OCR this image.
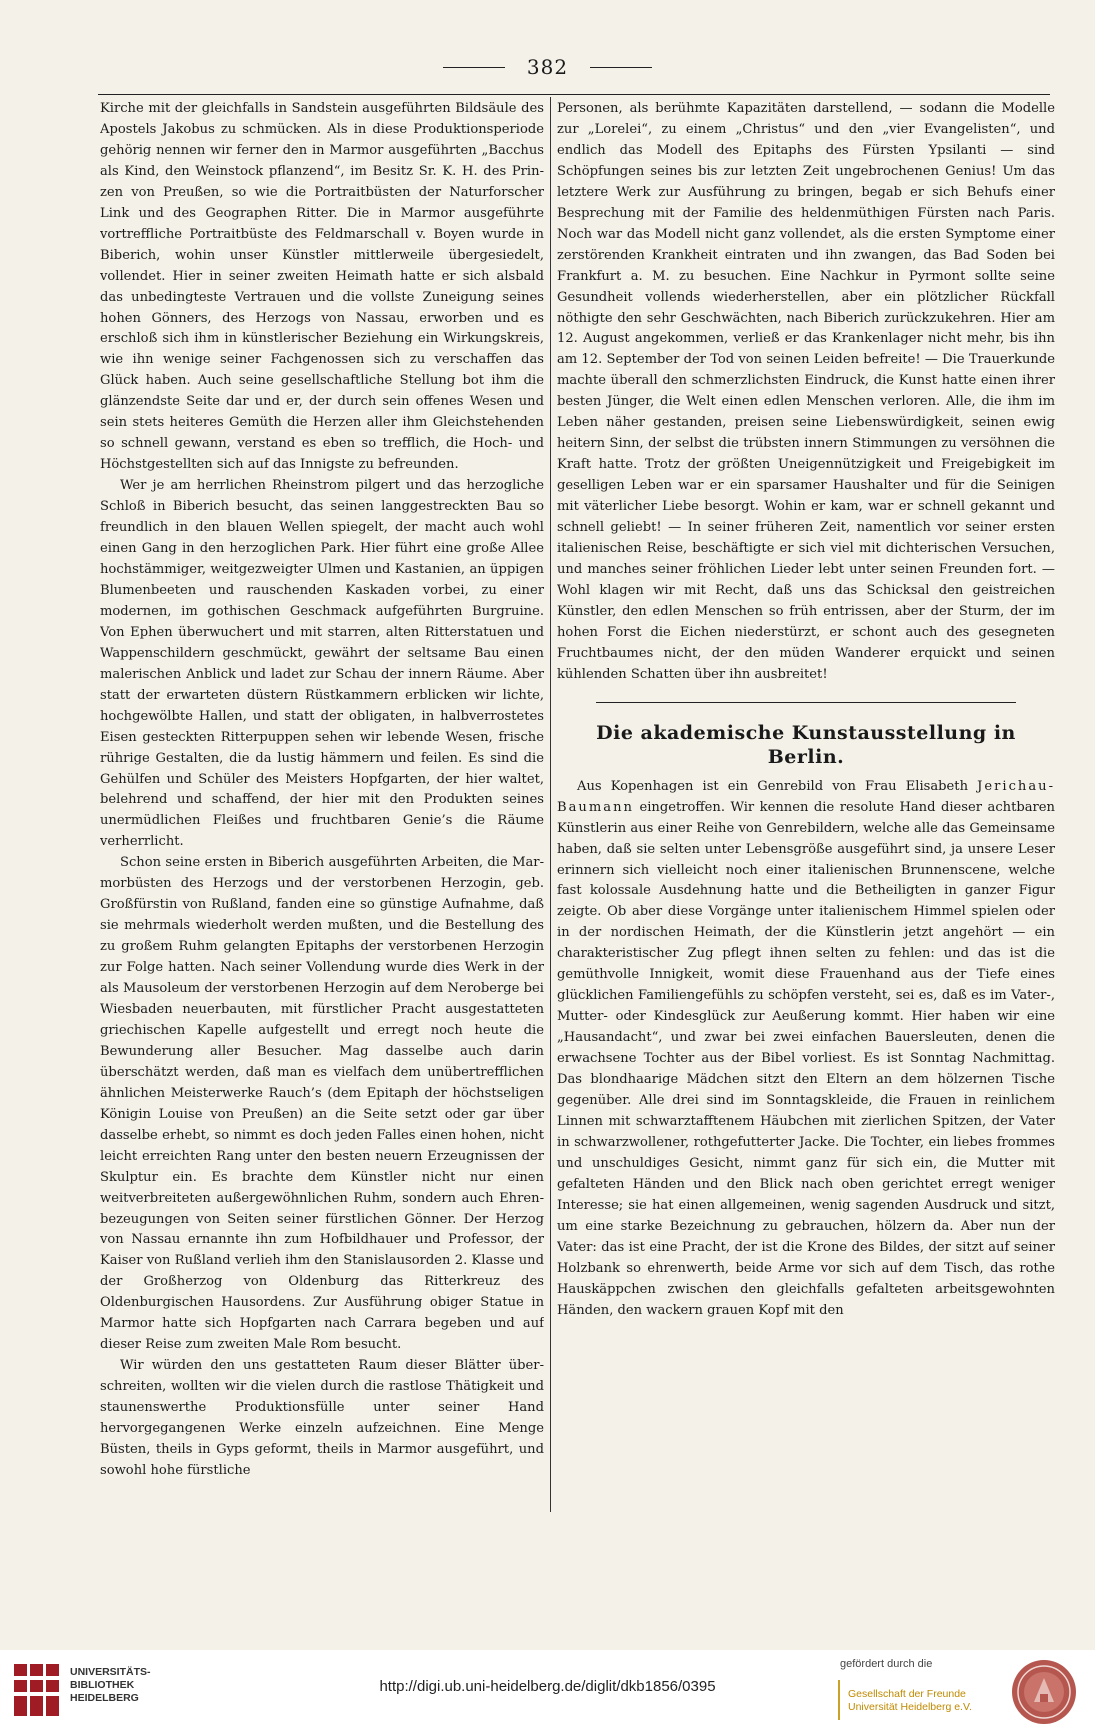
382

Kirche mit der gleichfalls in Sandstein ausgeführten Bildsäule des Apostels Jakobus zu schmücken. Als in diese Produktionsperiode gehörig nennen wir ferner den in Marmor ausgeführten „Bacchus als Kind, den Weinstock pflanzend“, im Besitz Sr. K. H. des Prinzen von Preußen, so wie die Portraitbüsten der Naturforscher Link und des Geographen Ritter. Die in Marmor ausgeführte vortreffliche Portraitbüste des Feldmarschall v. Boyen wurde in Biberich, wohin unser Künstler mittlerweile übergesiedelt, vollendet. Hier in seiner zweiten Heimath hatte er sich alsbald das unbedingteste Vertrauen und die vollste Zuneigung seines hohen Gönners, des Herzogs von Nassau, erworben und es erschloß sich ihm in künstlerischer Beziehung ein Wirkungskreis, wie ihn wenige seiner Fachgenossen sich zu verschaffen das Glück haben. Auch seine gesellschaftliche Stellung bot ihm die glänzendste Seite dar und er, der durch sein offenes Wesen und sein stets heiteres Gemüth die Herzen aller ihm Gleichstehenden so schnell gewann, verstand es eben so trefflich, die Hoch- und Höchstgestellten sich auf das Innigste zu befreunden.

Wer je am herrlichen Rheinstrom pilgert und das herzogliche Schloß in Biberich besucht, das seinen langgestreckten Bau so freundlich in den blauen Wellen spiegelt, der macht auch wohl einen Gang in den herzoglichen Park. Hier führt eine große Allee hochstämmiger, weitgezweigter Ulmen und Kastanien, an üppigen Blumenbeeten und rauschenden Kaskaden vorbei, zu einer modernen, im gothischen Geschmack aufgeführten Burgruine. Von Ephen überwuchert und mit starren, alten Ritterstatuen und Wappenschildern geschmückt, gewährt der seltsame Bau einen malerischen Anblick und ladet zur Schau der innern Räume. Aber statt der erwarteten düstern Rüstkammern erblicken wir lichte, hochgewölbte Hallen, und statt der obligaten, in halbverrostetes Eisen gesteckten Ritterpuppen sehen wir lebende Wesen, frische rührige Gestalten, die da lustig hämmern und feilen. Es sind die Gehülfen und Schüler des Meisters Hopfgarten, der hier waltet, belehrend und schaffend, der hier mit den Produkten seines unermüdlichen Fleißes und fruchtbaren Genie’s die Räume verherrlicht.

Schon seine ersten in Biberich ausgeführten Arbeiten, die Marmorbüsten des Herzogs und der verstorbenen Herzogin, geb. Großfürstin von Rußland, fanden eine so günstige Aufnahme, daß sie mehrmals wiederholt werden mußten, und die Bestellung des zu großem Ruhm gelangten Epitaphs der verstorbenen Herzogin zur Folge hatten. Nach seiner Vollendung wurde dies Werk in der als Mausoleum der verstorbenen Herzogin auf dem Neroberge bei Wiesbaden neuerbauten, mit fürstlicher Pracht ausgestatteten griechischen Kapelle aufgestellt und erregt noch heute die Bewunderung aller Besucher. Mag dasselbe auch darin überschätzt werden, daß man es vielfach dem unübertrefflichen ähnlichen Meisterwerke Rauch’s (dem Epitaph der höchstseligen Königin Louise von Preußen) an die Seite setzt oder gar über dasselbe erhebt, so nimmt es doch jeden Falles einen hohen, nicht leicht erreichten Rang unter den besten neuern Erzeugnissen der Skulptur ein. Es brachte dem Künstler nicht nur einen weitverbreiteten außergewöhnlichen Ruhm, sondern auch Ehrenbezeugungen von Seiten seiner fürstlichen Gönner. Der Herzog von Nassau ernannte ihn zum Hofbildhauer und Professor, der Kaiser von Rußland verlieh ihm den Stanislausorden 2. Klasse und der Großherzog von Oldenburg das Ritterkreuz des Oldenburgischen Hausordens. Zur Ausführung obiger Statue in Marmor hatte sich Hopfgarten nach Carrara begeben und auf dieser Reise zum zweiten Male Rom besucht.

Wir würden den uns gestatteten Raum dieser Blätter überschreiten, wollten wir die vielen durch die rastlose Thätigkeit und staunenswerthe Produktionsfülle unter seiner Hand hervorgegangenen Werke einzeln aufzeichnen. Eine Menge Büsten, theils in Gyps geformt, theils in Marmor ausgeführt, und sowohl hohe fürstliche

Personen, als berühmte Kapazitäten darstellend, — sodann die Modelle zur „Lorelei“, zu einem „Christus“ und den „vier Evangelisten“, und endlich das Modell des Epitaphs des Fürsten Ypsilanti — sind Schöpfungen seines bis zur letzten Zeit ungebrochenen Genius! Um das letztere Werk zur Ausführung zu bringen, begab er sich Behufs einer Besprechung mit der Familie des heldenmüthigen Fürsten nach Paris. Noch war das Modell nicht ganz vollendet, als die ersten Symptome einer zerstörenden Krankheit eintraten und ihn zwangen, das Bad Soden bei Frankfurt a. M. zu besuchen. Eine Nachkur in Pyrmont sollte seine Gesundheit vollends wiederherstellen, aber ein plötzlicher Rückfall nöthigte den sehr Geschwächten, nach Biberich zurückzukehren. Hier am 12. August angekommen, verließ er das Krankenlager nicht mehr, bis ihn am 12. September der Tod von seinen Leiden befreite! — Die Trauerkunde machte überall den schmerzlichsten Eindruck, die Kunst hatte einen ihrer besten Jünger, die Welt einen edlen Menschen verloren. Alle, die ihm im Leben näher gestanden, preisen seine Liebenswürdigkeit, seinen ewig heitern Sinn, der selbst die trübsten innern Stimmungen zu versöhnen die Kraft hatte. Trotz der größten Uneigennützigkeit und Freigebigkeit im geselligen Leben war er ein sparsamer Haushalter und für die Seinigen mit väterlicher Liebe besorgt. Wohin er kam, war er schnell gekannt und schnell geliebt! — In seiner früheren Zeit, namentlich vor seiner ersten italienischen Reise, beschäftigte er sich viel mit dichterischen Versuchen, und manches seiner fröhlichen Lieder lebt unter seinen Freunden fort. — Wohl klagen wir mit Recht, daß uns das Schicksal den geistreichen Künstler, den edlen Menschen so früh entrissen, aber der Sturm, der im hohen Forst die Eichen niederstürzt, er schont auch des gesegneten Fruchtbaumes nicht, der den müden Wanderer erquickt und seinen kühlenden Schatten über ihn ausbreitet!

Die akademische Kunstausstellung in Berlin.

Aus Kopenhagen ist ein Genrebild von Frau Elisabeth Jerichau-Baumann eingetroffen. Wir kennen die resolute Hand dieser achtbaren Künstlerin aus einer Reihe von Genrebildern, welche alle das Gemeinsame haben, daß sie selten unter Lebensgröße ausgeführt sind, ja unsere Leser erinnern sich vielleicht noch einer italienischen Brunnenscene, welche fast kolossale Ausdehnung hatte und die Betheiligten in ganzer Figur zeigte. Ob aber diese Vorgänge unter italienischem Himmel spielen oder in der nordischen Heimath, der die Künstlerin jetzt angehört — ein charakteristischer Zug pflegt ihnen selten zu fehlen: und das ist die gemüthvolle Innigkeit, womit diese Frauenhand aus der Tiefe eines glücklichen Familiengefühls zu schöpfen versteht, sei es, daß es im Vater-, Mutter- oder Kindesglück zur Aeußerung kommt. Hier haben wir eine „Hausandacht“, und zwar bei zwei einfachen Bauersleuten, denen die erwachsene Tochter aus der Bibel vorliest. Es ist Sonntag Nachmittag. Das blondhaarige Mädchen sitzt den Eltern an dem hölzernen Tische gegenüber. Alle drei sind im Sonntagskleide, die Frauen in reinlichem Linnen mit schwarztafftenem Häubchen mit zierlichen Spitzen, der Vater in schwarzwollener, rothgefutterter Jacke. Die Tochter, ein liebes frommes und unschuldiges Gesicht, nimmt ganz für sich ein, die Mutter mit gefalteten Händen und den Blick nach oben gerichtet erregt weniger Interesse; sie hat einen allgemeinen, wenig sagenden Ausdruck und sitzt, um eine starke Bezeichnung zu gebrauchen, hölzern da. Aber nun der Vater: das ist eine Pracht, der ist die Krone des Bildes, der sitzt auf seiner Holzbank so ehrenwerth, beide Arme vor sich auf dem Tisch, das rothe Hauskäppchen zwischen den gleichfalls gefalteten arbeitsgewohnten Händen, den wackern grauen Kopf mit den

UNIVERSITÄTS-
BIBLIOTHEK
HEIDELBERG
http://digi.ub.uni-heidelberg.de/diglit/dkb1856/0395
gefördert durch die
Gesellschaft der Freunde
Universität Heidelberg e.V.
